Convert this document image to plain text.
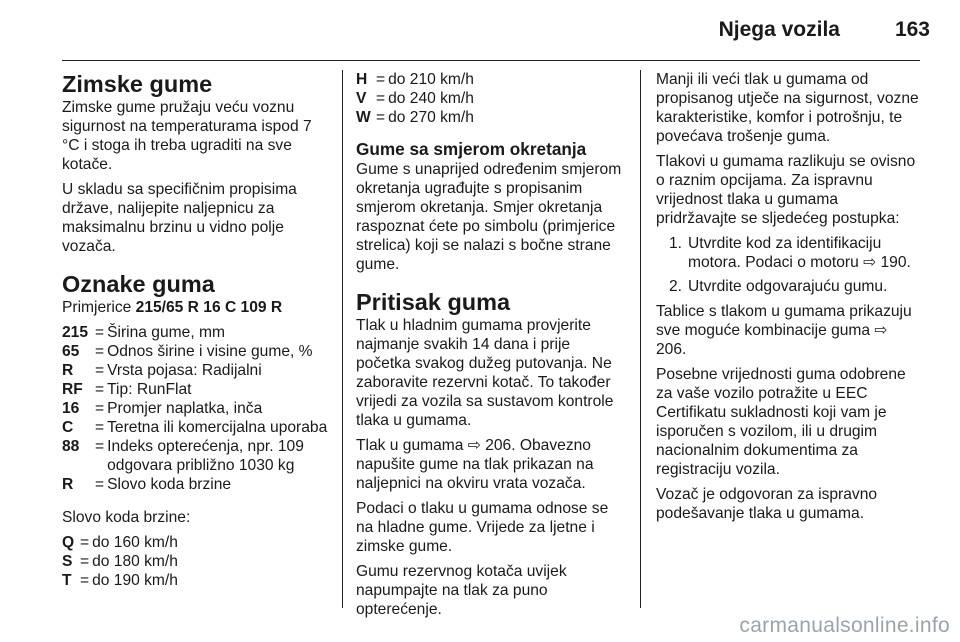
Njega vozila	163
Zimske gume

Zimske gume pružaju veću voznu sigurnost na temperaturama ispod 7 °C i stoga ih treba ugraditi na sve kotače.

U skladu sa specifičnim propisima države, nalijepite naljepnicu za maksimalnu brzinu u vidno polje vozača.

Oznake guma

Primjerice 215/65 R 16 C 109 R

215 = Širina gume, mm
65	= Odnos širine i visine gume, %
R	= Vrsta pojasa: Radijalni
RF = Tip: RunFlat
16	= Promjer naplatka, inča
C	= Teretna ili komercijalna uporaba
88	= Indeks opterećenja, npr. 109 odgovara približno 1030 kg
R	= Slovo koda brzine

Slovo koda brzine:

Q = do 160 km/h
S = do 180 km/h
T = do 190 km/h
H = do 210 km/h
V = do 240 km/h
W = do 270 km/h
Gume sa smjerom okretanja

Gume s unaprijed određenim smjerom okretanja ugrađujte s propisanim smjerom okretanja. Smjer okretanja raspoznat ćete po simbolu (primjerice strelica) koji se nalazi s bočne strane gume.

Pritisak guma

Tlak u hladnim gumama provjerite najmanje svakih 14 dana i prije početka svakog dužeg putovanja. Ne zaboravite rezervni kotač. To također vrijedi za vozila sa sustavom kontrole tlaka u gumama.

Tlak u gumama ⇨ 206. Obavezno napušite gume na tlak prikazan na naljepnici na okviru vrata vozača.

Podaci o tlaku u gumama odnose se na hladne gume. Vrijede za ljetne i zimske gume.

Gumu rezervnog kotača uvijek napumpajte na tlak za puno opterećenje.

Manji ili veći tlak u gumama od propisanog utječe na sigurnost, vozne karakteristike, komfor i potrošnju, te povećava trošenje guma.

Tlakovi u gumama razlikuju se ovisno o raznim opcijama. Za ispravnu vrijednost tlaka u gumama pridržavajte se sljedećeg postupka:

1. Utvrdite kod za identifikaciju motora. Podaci o motoru ⇨ 190.
2. Utvrdite odgovarajuću gumu.

Tablice s tlakom u gumama prikazuju sve moguće kombinacije guma ⇨ 206.

Posebne vrijednosti guma odobrene za vaše vozilo potražite u EEC Certifikatu sukladnosti koji vam je isporučen s vozilom, ili u drugim nacionalnim dokumentima za registraciju vozila.

Vozač je odgovoran za ispravno podešavanje tlaka u gumama.

carmanualsonline.info
